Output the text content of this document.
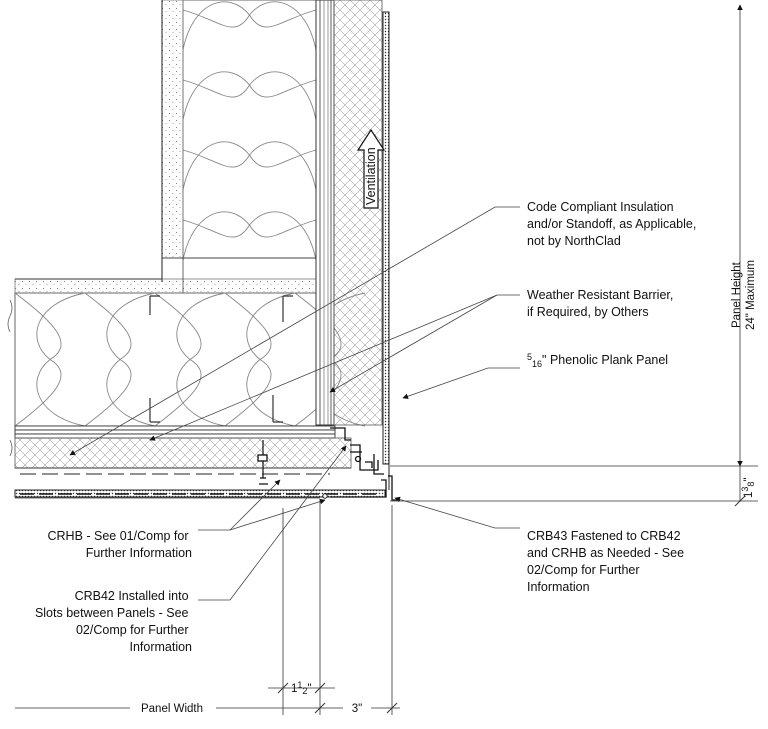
Ventilation
Code Compliant Insulation and/or Standoff, as Applicable, not by NorthClad
Weather Resistant Barrier, if Required, by Others
$^5_{16}$" Phenolic Plank Panel
CRB43 Fastened to CRB42 and CRHB as Needed - See 02/Comp for Further Information
CRHB - See 01/Comp for Further Information
CRB42 Installed into Slots between Panels - See 02/Comp for Further Information
Panel Height 24" Maximum
$1^3_8$"
$1^1_2$"
Panel Width	3"
